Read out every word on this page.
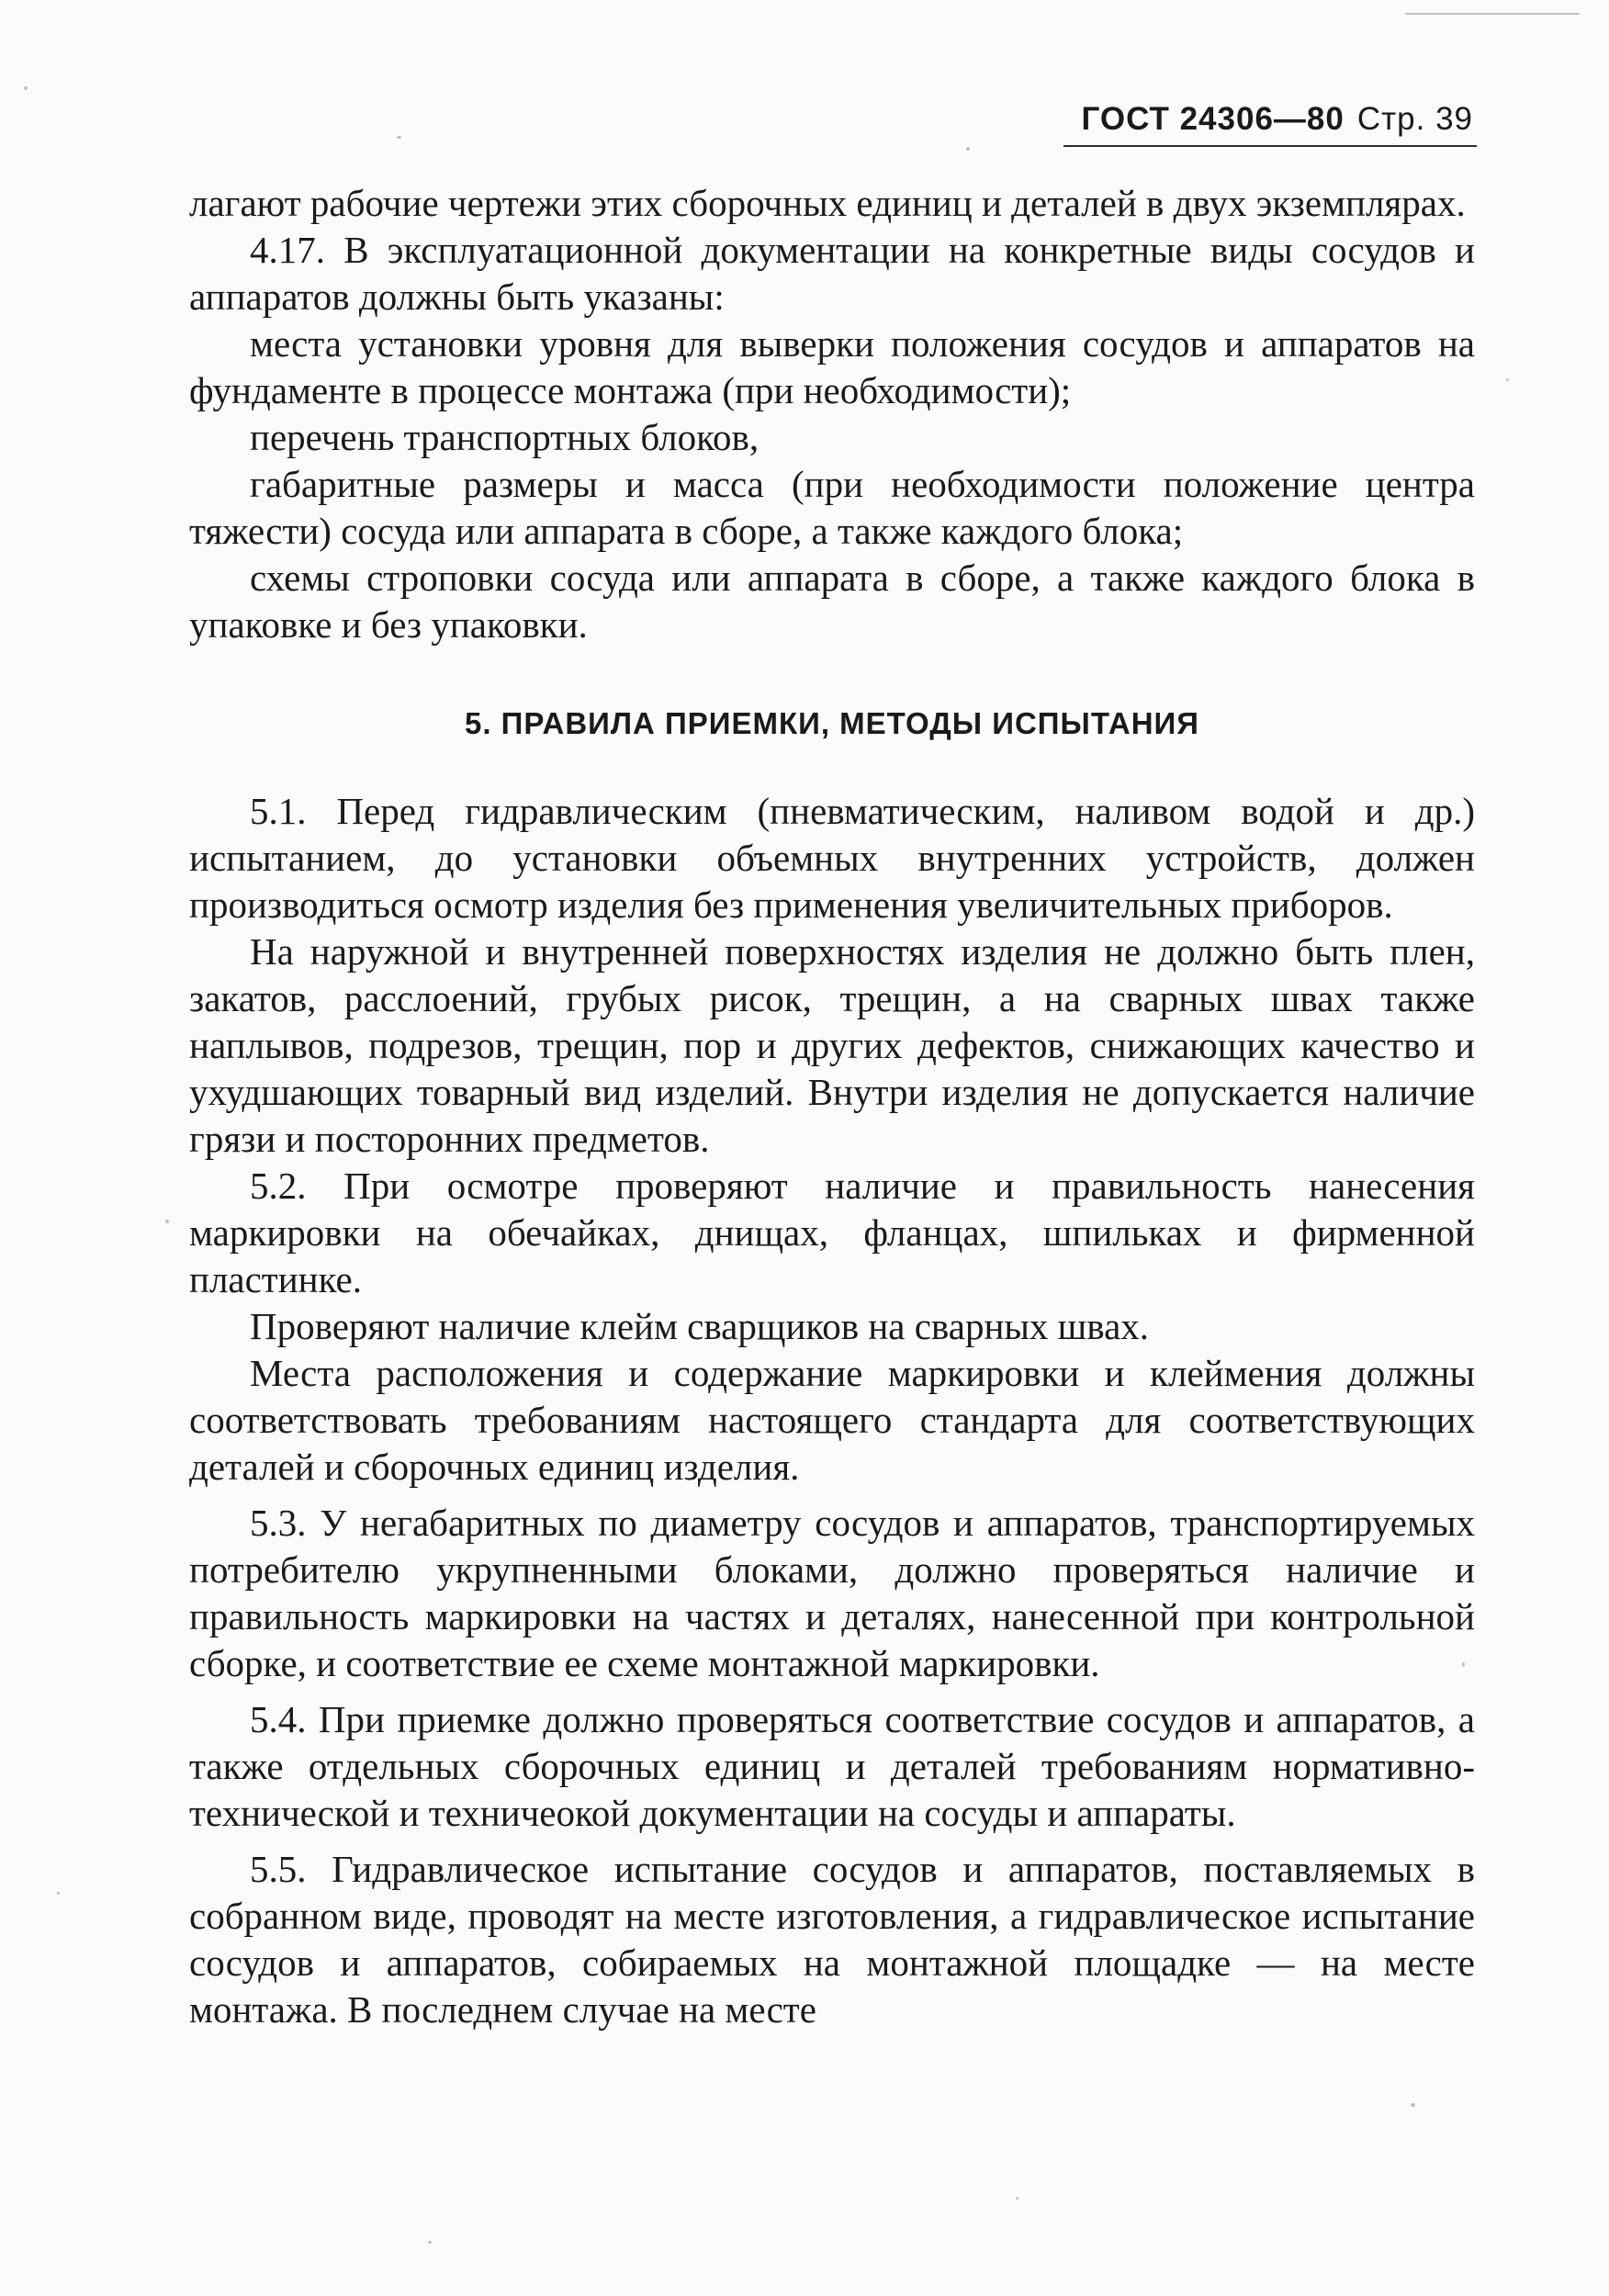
ГОСТ 24306—80 Стр. 39

лагают рабочие чертежи этих сборочных единиц и деталей в двух экземплярах.

4.17. В эксплуатационной документации на конкретные виды сосудов и аппаратов должны быть указаны:

места установки уровня для выверки положения сосудов и аппаратов на фундаменте в процессе монтажа (при необходимости);

перечень транспортных блоков,

габаритные размеры и масса (при необходимости положение центра тяжести) сосуда или аппарата в сборе, а также каждого блока;

схемы строповки сосуда или аппарата в сборе, а также каждого блока в упаковке и без упаковки.

5. ПРАВИЛА ПРИЕМКИ, МЕТОДЫ ИСПЫТАНИЯ

5.1. Перед гидравлическим (пневматическим, наливом водой и др.) испытанием, до установки объемных внутренних устройств, должен производиться осмотр изделия без применения увеличительных приборов.

На наружной и внутренней поверхностях изделия не должно быть плен, закатов, расслоений, грубых рисок, трещин, а на сварных швах также наплывов, подрезов, трещин, пор и других дефектов, снижающих качество и ухудшающих товарный вид изделий. Внутри изделия не допускается наличие грязи и посторонних предметов.

5.2. При осмотре проверяют наличие и правильность нанесения маркировки на обечайках, днищах, фланцах, шпильках и фирменной пластинке.

Проверяют наличие клейм сварщиков на сварных швах.

Места расположения и содержание маркировки и клеймения должны соответствовать требованиям настоящего стандарта для соответствующих деталей и сборочных единиц изделия.

5.3. У негабаритных по диаметру сосудов и аппаратов, транспортируемых потребителю укрупненными блоками, должно проверяться наличие и правильность маркировки на частях и деталях, нанесенной при контрольной сборке, и соответствие ее схеме монтажной маркировки.

5.4. При приемке должно проверяться соответствие сосудов и аппаратов, а также отдельных сборочных единиц и деталей требованиям нормативно-технической и техничеокой документации на сосуды и аппараты.

5.5. Гидравлическое испытание сосудов и аппаратов, поставляемых в собранном виде, проводят на месте изготовления, а гидравлическое испытание сосудов и аппаратов, собираемых на монтажной площадке — на месте монтажа. В последнем случае на месте
